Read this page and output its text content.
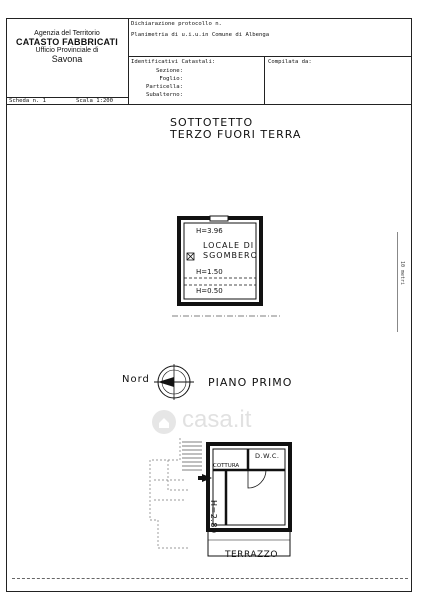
Agenzia del Territorio
CATASTO FABBRICATI
Ufficio Provinciale di
Savona
Dichiarazione protocollo n.
Planimetria di u.i.u.in Comune di Albenga
Identificativi Catastali:
Sezione:
Foglio:
Particella:
Subalterno:
Compilata da:
Scheda n. 1	Scala 1:200
SOTTOTETTO
TERZO FUORI TERRA
H=3.96
LOCALE DI
SGOMBERO
H=1.50
H=0.50
10 metri
Nord	PIANO PRIMO
casa.it
D.W.C.
COTTURA
H=2.80
TERRAZZO
